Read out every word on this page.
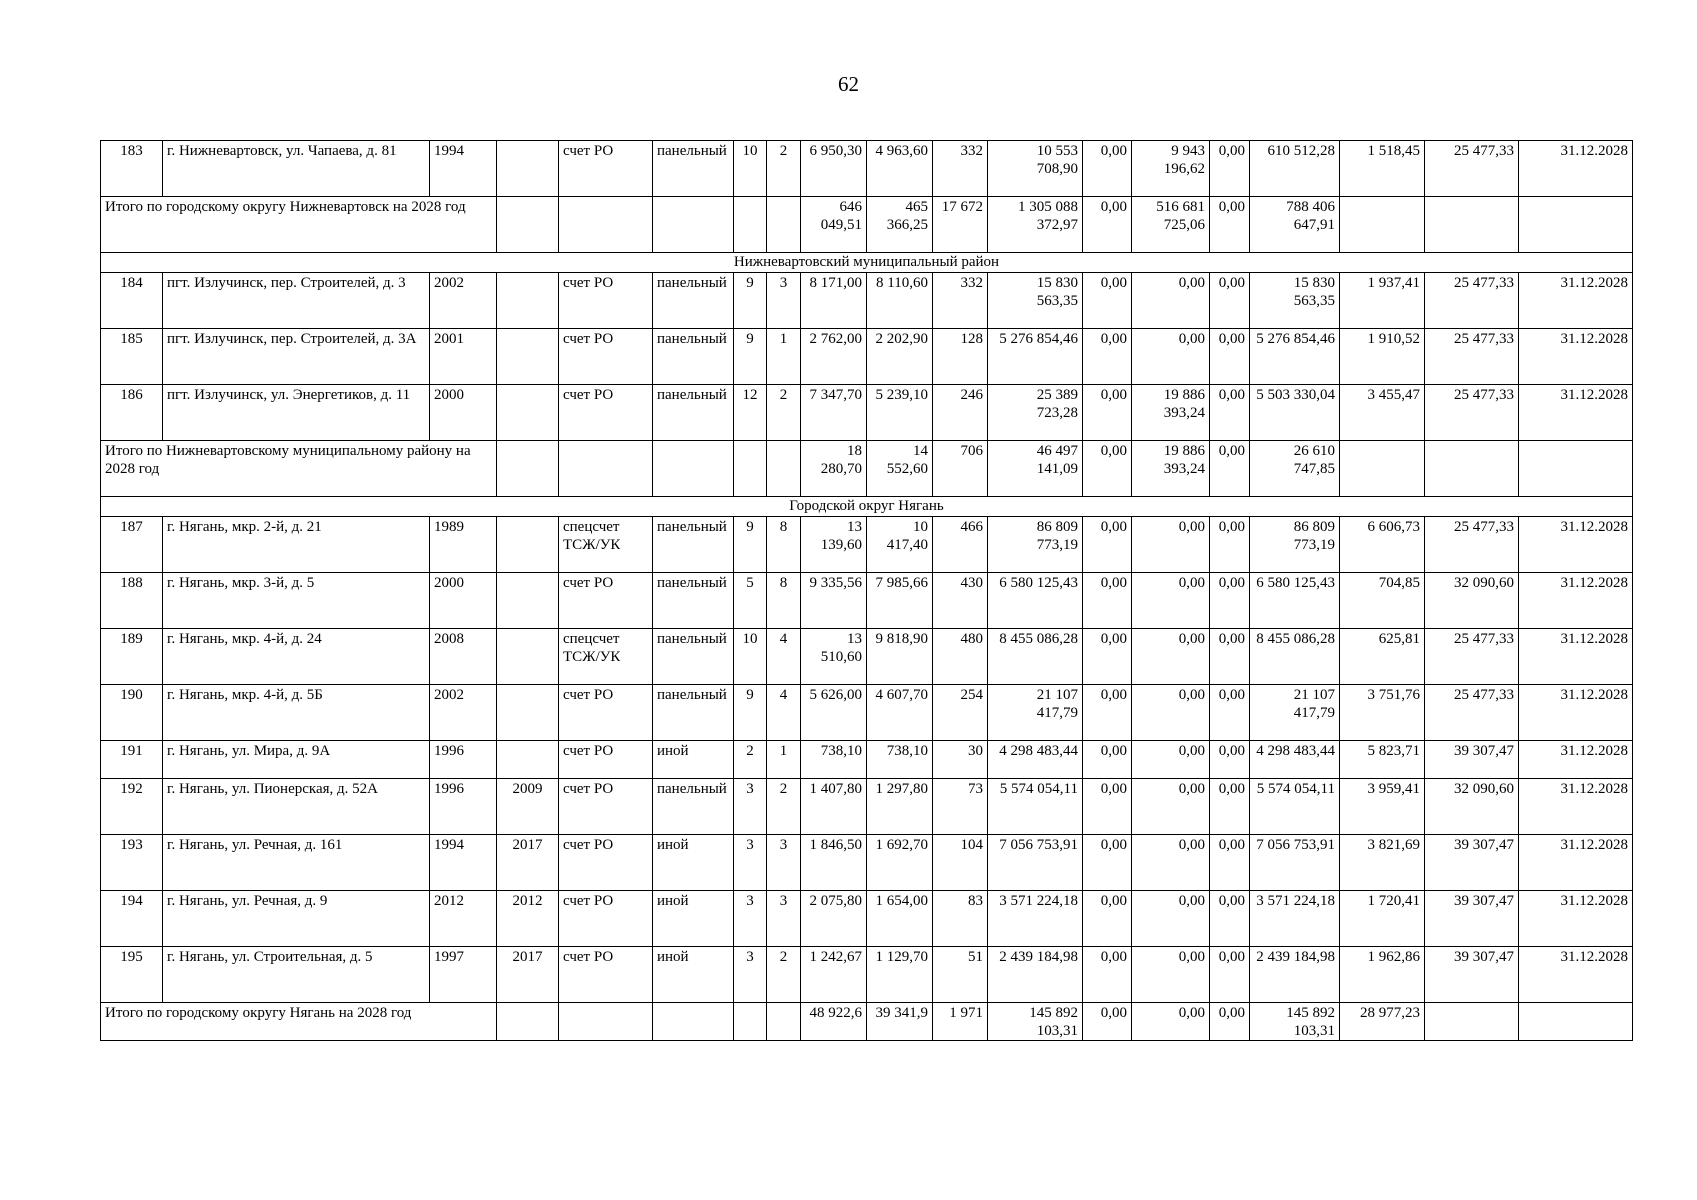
62
183	г. Нижневартовск, ул. Чапаева, д. 81	1994		счет РО	панельный	10	2	6 950,30	4 963,60	332	10 553 708,90	0,00	9 943 196,62	0,00	610 512,28	1 518,45	25 477,33	31.12.2028
Итого по городскому округу Нижневартовск на 2028 год								646 049,51	465 366,25	17 672	1 305 088 372,97	0,00	516 681 725,06	0,00	788 406 647,91			
Нижневартовский муниципальный район																		
184	пгт. Излучинск, пер. Строителей, д. 3	2002		счет РО	панельный	9	3	8 171,00	8 110,60	332	15 830 563,35	0,00	0,00	0,00	15 830 563,35	1 937,41	25 477,33	31.12.2028
185	пгт. Излучинск, пер. Строителей, д. 3А	2001		счет РО	панельный	9	1	2 762,00	2 202,90	128	5 276 854,46	0,00	0,00	0,00	5 276 854,46	1 910,52	25 477,33	31.12.2028
186	пгт. Излучинск, ул. Энергетиков, д. 11	2000		счет РО	панельный	12	2	7 347,70	5 239,10	246	25 389 723,28	0,00	19 886 393,24	0,00	5 503 330,04	3 455,47	25 477,33	31.12.2028
Итого по Нижневартовскому муниципальному району на 2028 год								18 280,70	14 552,60	706	46 497 141,09	0,00	19 886 393,24	0,00	26 610 747,85			
Городской округ Нягань																		
187	г. Нягань, мкр. 2-й, д. 21	1989		спецсчет ТСЖ/УК	панельный	9	8	13 139,60	10 417,40	466	86 809 773,19	0,00	0,00	0,00	86 809 773,19	6 606,73	25 477,33	31.12.2028
188	г. Нягань, мкр. 3-й, д. 5	2000		счет РО	панельный	5	8	9 335,56	7 985,66	430	6 580 125,43	0,00	0,00	0,00	6 580 125,43	704,85	32 090,60	31.12.2028
189	г. Нягань, мкр. 4-й, д. 24	2008		спецсчет ТСЖ/УК	панельный	10	4	13 510,60	9 818,90	480	8 455 086,28	0,00	0,00	0,00	8 455 086,28	625,81	25 477,33	31.12.2028
190	г. Нягань, мкр. 4-й, д. 5Б	2002		счет РО	панельный	9	4	5 626,00	4 607,70	254	21 107 417,79	0,00	0,00	0,00	21 107 417,79	3 751,76	25 477,33	31.12.2028
191	г. Нягань, ул. Мира, д. 9А	1996		счет РО	иной	2	1	738,10	738,10	30	4 298 483,44	0,00	0,00	0,00	4 298 483,44	5 823,71	39 307,47	31.12.2028
192	г. Нягань, ул. Пионерская, д. 52А	1996	2009	счет РО	панельный	3	2	1 407,80	1 297,80	73	5 574 054,11	0,00	0,00	0,00	5 574 054,11	3 959,41	32 090,60	31.12.2028
193	г. Нягань, ул. Речная, д. 161	1994	2017	счет РО	иной	3	3	1 846,50	1 692,70	104	7 056 753,91	0,00	0,00	0,00	7 056 753,91	3 821,69	39 307,47	31.12.2028
194	г. Нягань, ул. Речная, д. 9	2012	2012	счет РО	иной	3	3	2 075,80	1 654,00	83	3 571 224,18	0,00	0,00	0,00	3 571 224,18	1 720,41	39 307,47	31.12.2028
195	г. Нягань, ул. Строительная, д. 5	1997	2017	счет РО	иной	3	2	1 242,67	1 129,70	51	2 439 184,98	0,00	0,00	0,00	2 439 184,98	1 962,86	39 307,47	31.12.2028
Итого по городскому округу Нягань на 2028 год								48 922,6	39 341,9	1 971	145 892 103,31	0,00	0,00	0,00	145 892 103,31	28 977,23		
